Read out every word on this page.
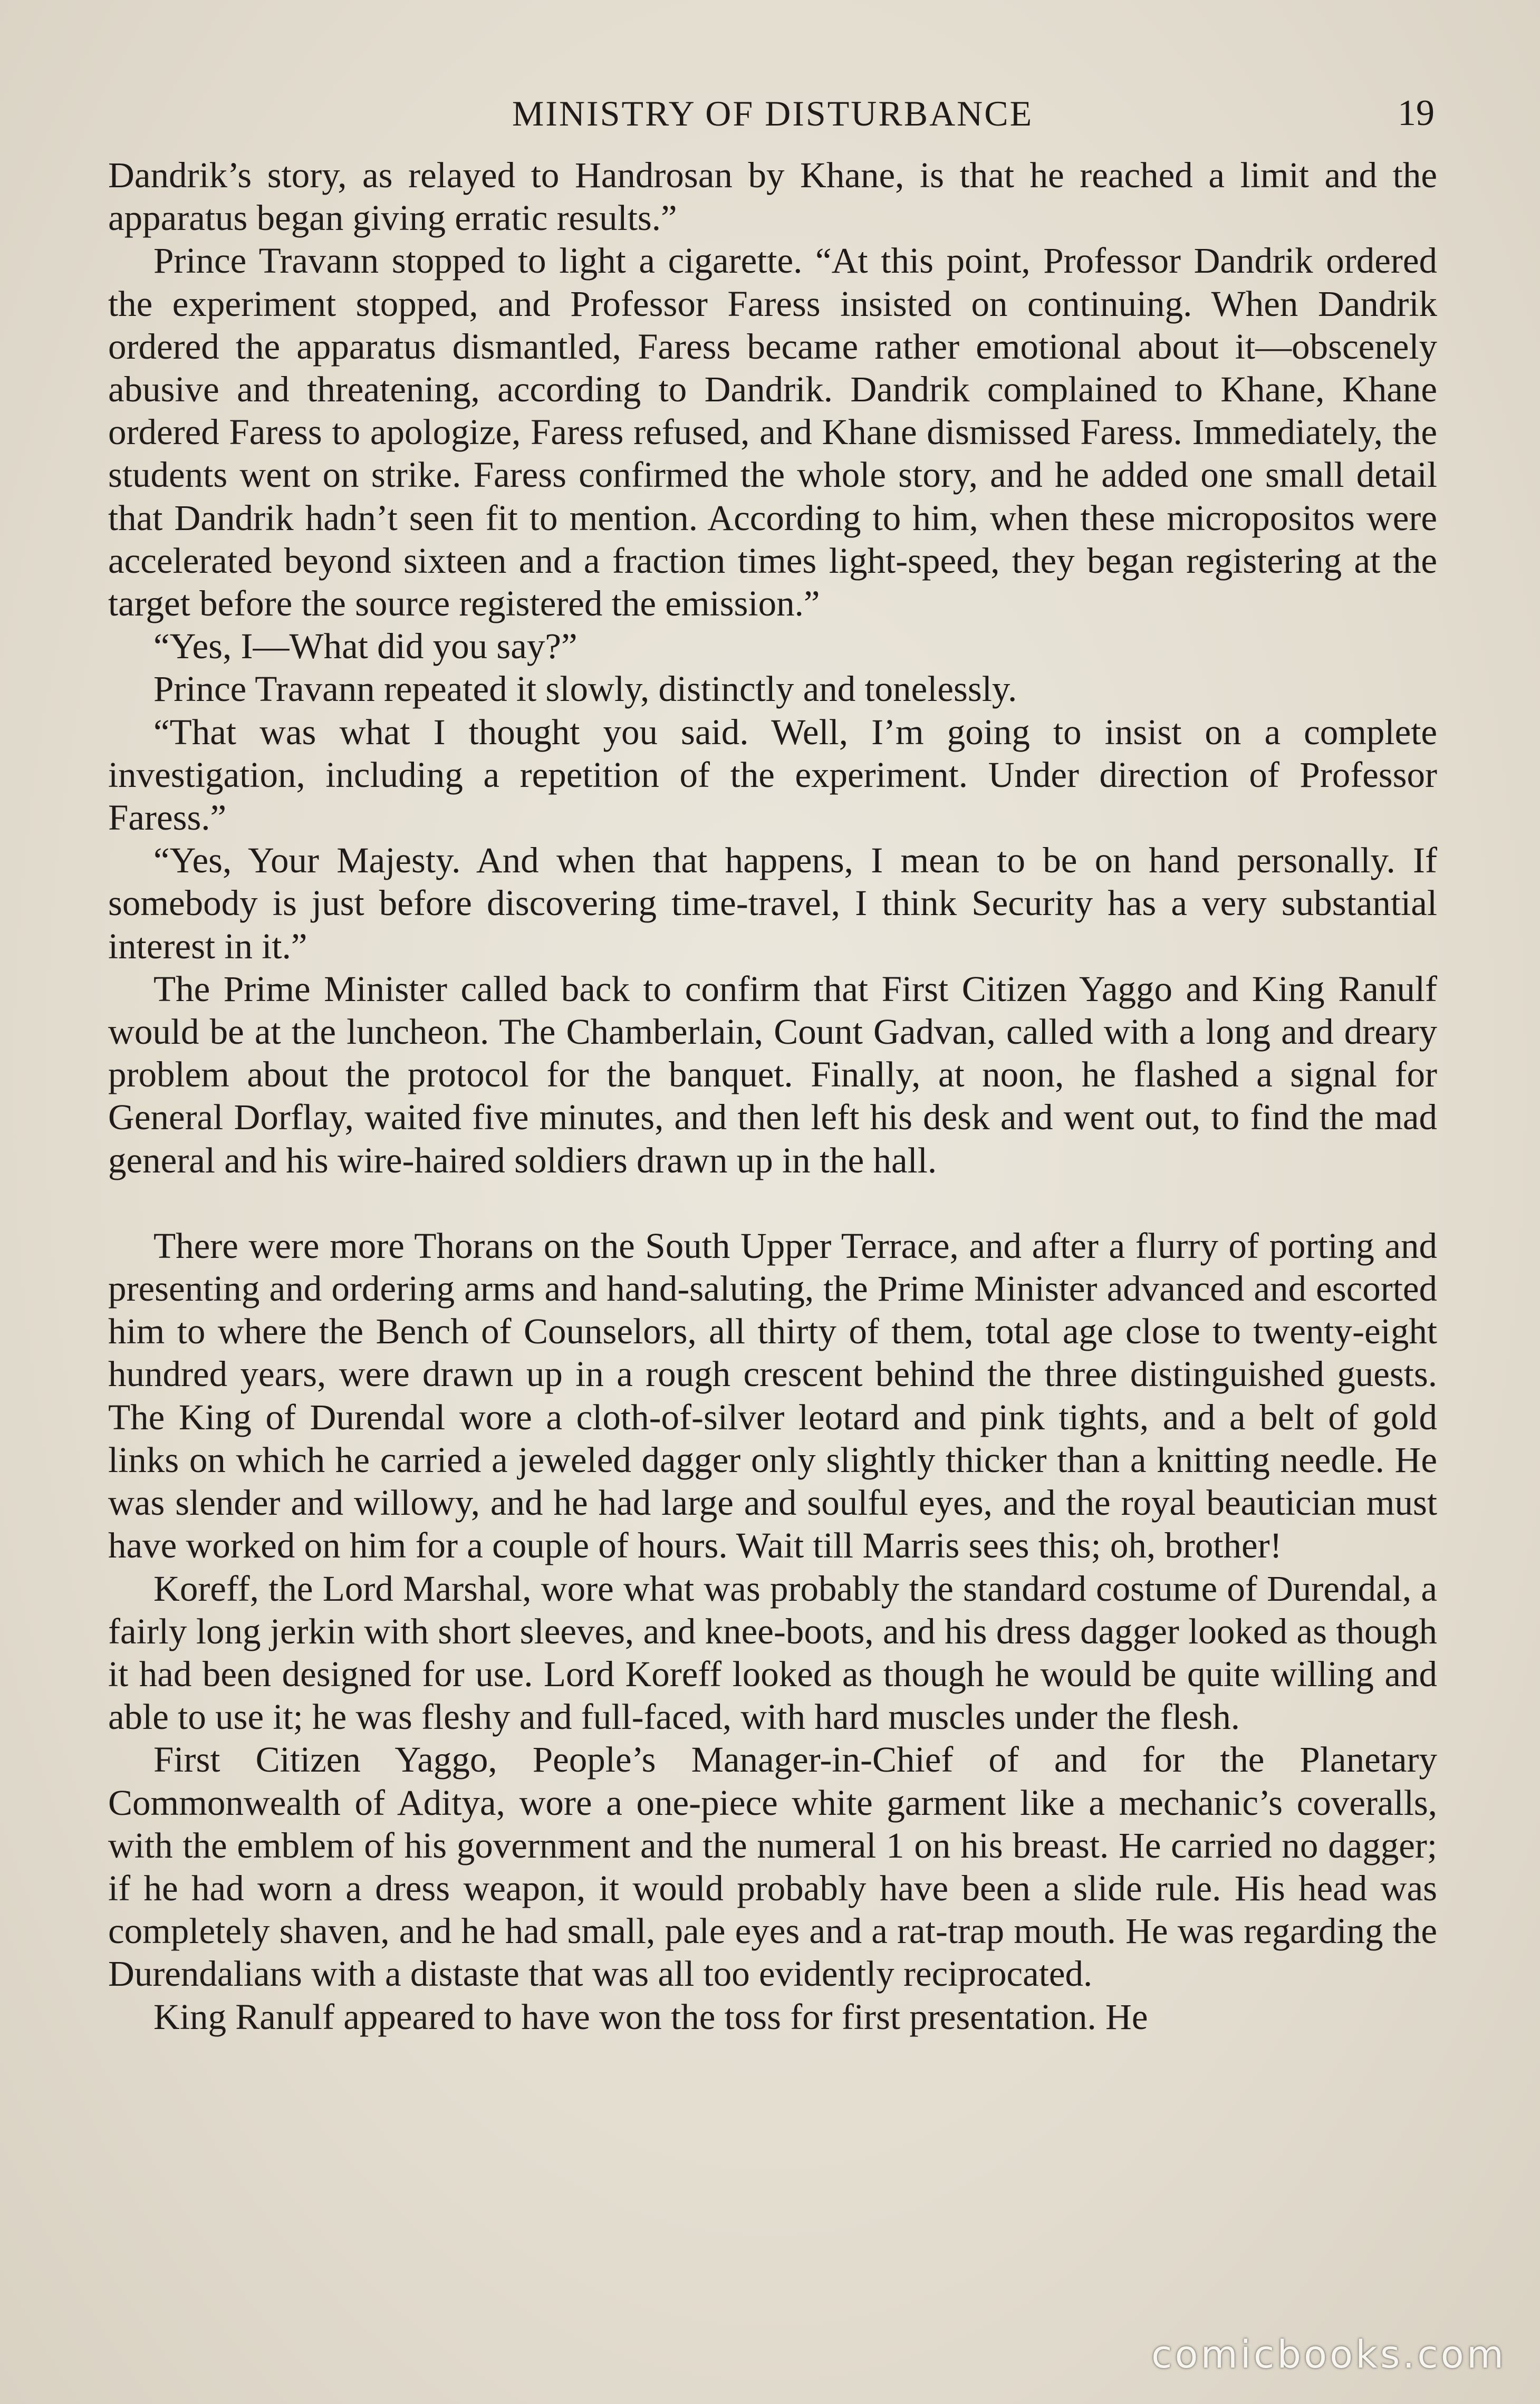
MINISTRY OF DISTURBANCE	19

Dandrik’s story, as relayed to Handrosan by Khane, is that he reached a limit and the apparatus began giving erratic results.”

Prince Travann stopped to light a cigarette. “At this point, Professor Dandrik ordered the experiment stopped, and Professor Faress insisted on continuing. When Dandrik ordered the apparatus dismantled, Faress became rather emotional about it—obscenely abusive and threatening, according to Dandrik. Dandrik complained to Khane, Khane ordered Faress to apologize, Faress refused, and Khane dismissed Faress. Immediately, the students went on strike. Faress confirmed the whole story, and he added one small detail that Dandrik hadn’t seen fit to mention. According to him, when these micropositos were accelerated beyond sixteen and a fraction times light-speed, they began registering at the target before the source registered the emission.”

“Yes, I—What did you say?”

Prince Travann repeated it slowly, distinctly and tonelessly.

“That was what I thought you said. Well, I’m going to insist on a complete investigation, including a repetition of the experiment. Under direction of Professor Faress.”

“Yes, Your Majesty. And when that happens, I mean to be on hand personally. If somebody is just before discovering time-travel, I think Security has a very substantial interest in it.”

The Prime Minister called back to confirm that First Citizen Yaggo and King Ranulf would be at the luncheon. The Chamberlain, Count Gadvan, called with a long and dreary problem about the protocol for the banquet. Finally, at noon, he flashed a signal for General Dorflay, waited five minutes, and then left his desk and went out, to find the mad general and his wire-haired soldiers drawn up in the hall.

There were more Thorans on the South Upper Terrace, and after a flurry of porting and presenting and ordering arms and hand-saluting, the Prime Minister advanced and escorted him to where the Bench of Counselors, all thirty of them, total age close to twenty-eight hundred years, were drawn up in a rough crescent behind the three distinguished guests. The King of Durendal wore a cloth-of-silver leotard and pink tights, and a belt of gold links on which he carried a jeweled dagger only slightly thicker than a knitting needle. He was slender and willowy, and he had large and soulful eyes, and the royal beautician must have worked on him for a couple of hours. Wait till Marris sees this; oh, brother!

Koreff, the Lord Marshal, wore what was probably the standard costume of Durendal, a fairly long jerkin with short sleeves, and knee-boots, and his dress dagger looked as though it had been designed for use. Lord Koreff looked as though he would be quite willing and able to use it; he was fleshy and full-faced, with hard muscles under the flesh.

First Citizen Yaggo, People’s Manager-in-Chief of and for the Planetary Commonwealth of Aditya, wore a one-piece white garment like a mechanic’s coveralls, with the emblem of his government and the numeral 1 on his breast. He carried no dagger; if he had worn a dress weapon, it would probably have been a slide rule. His head was completely shaven, and he had small, pale eyes and a rat-trap mouth. He was regarding the Durendalians with a distaste that was all too evidently reciprocated.

King Ranulf appeared to have won the toss for first presentation. He

comicbooks.com
